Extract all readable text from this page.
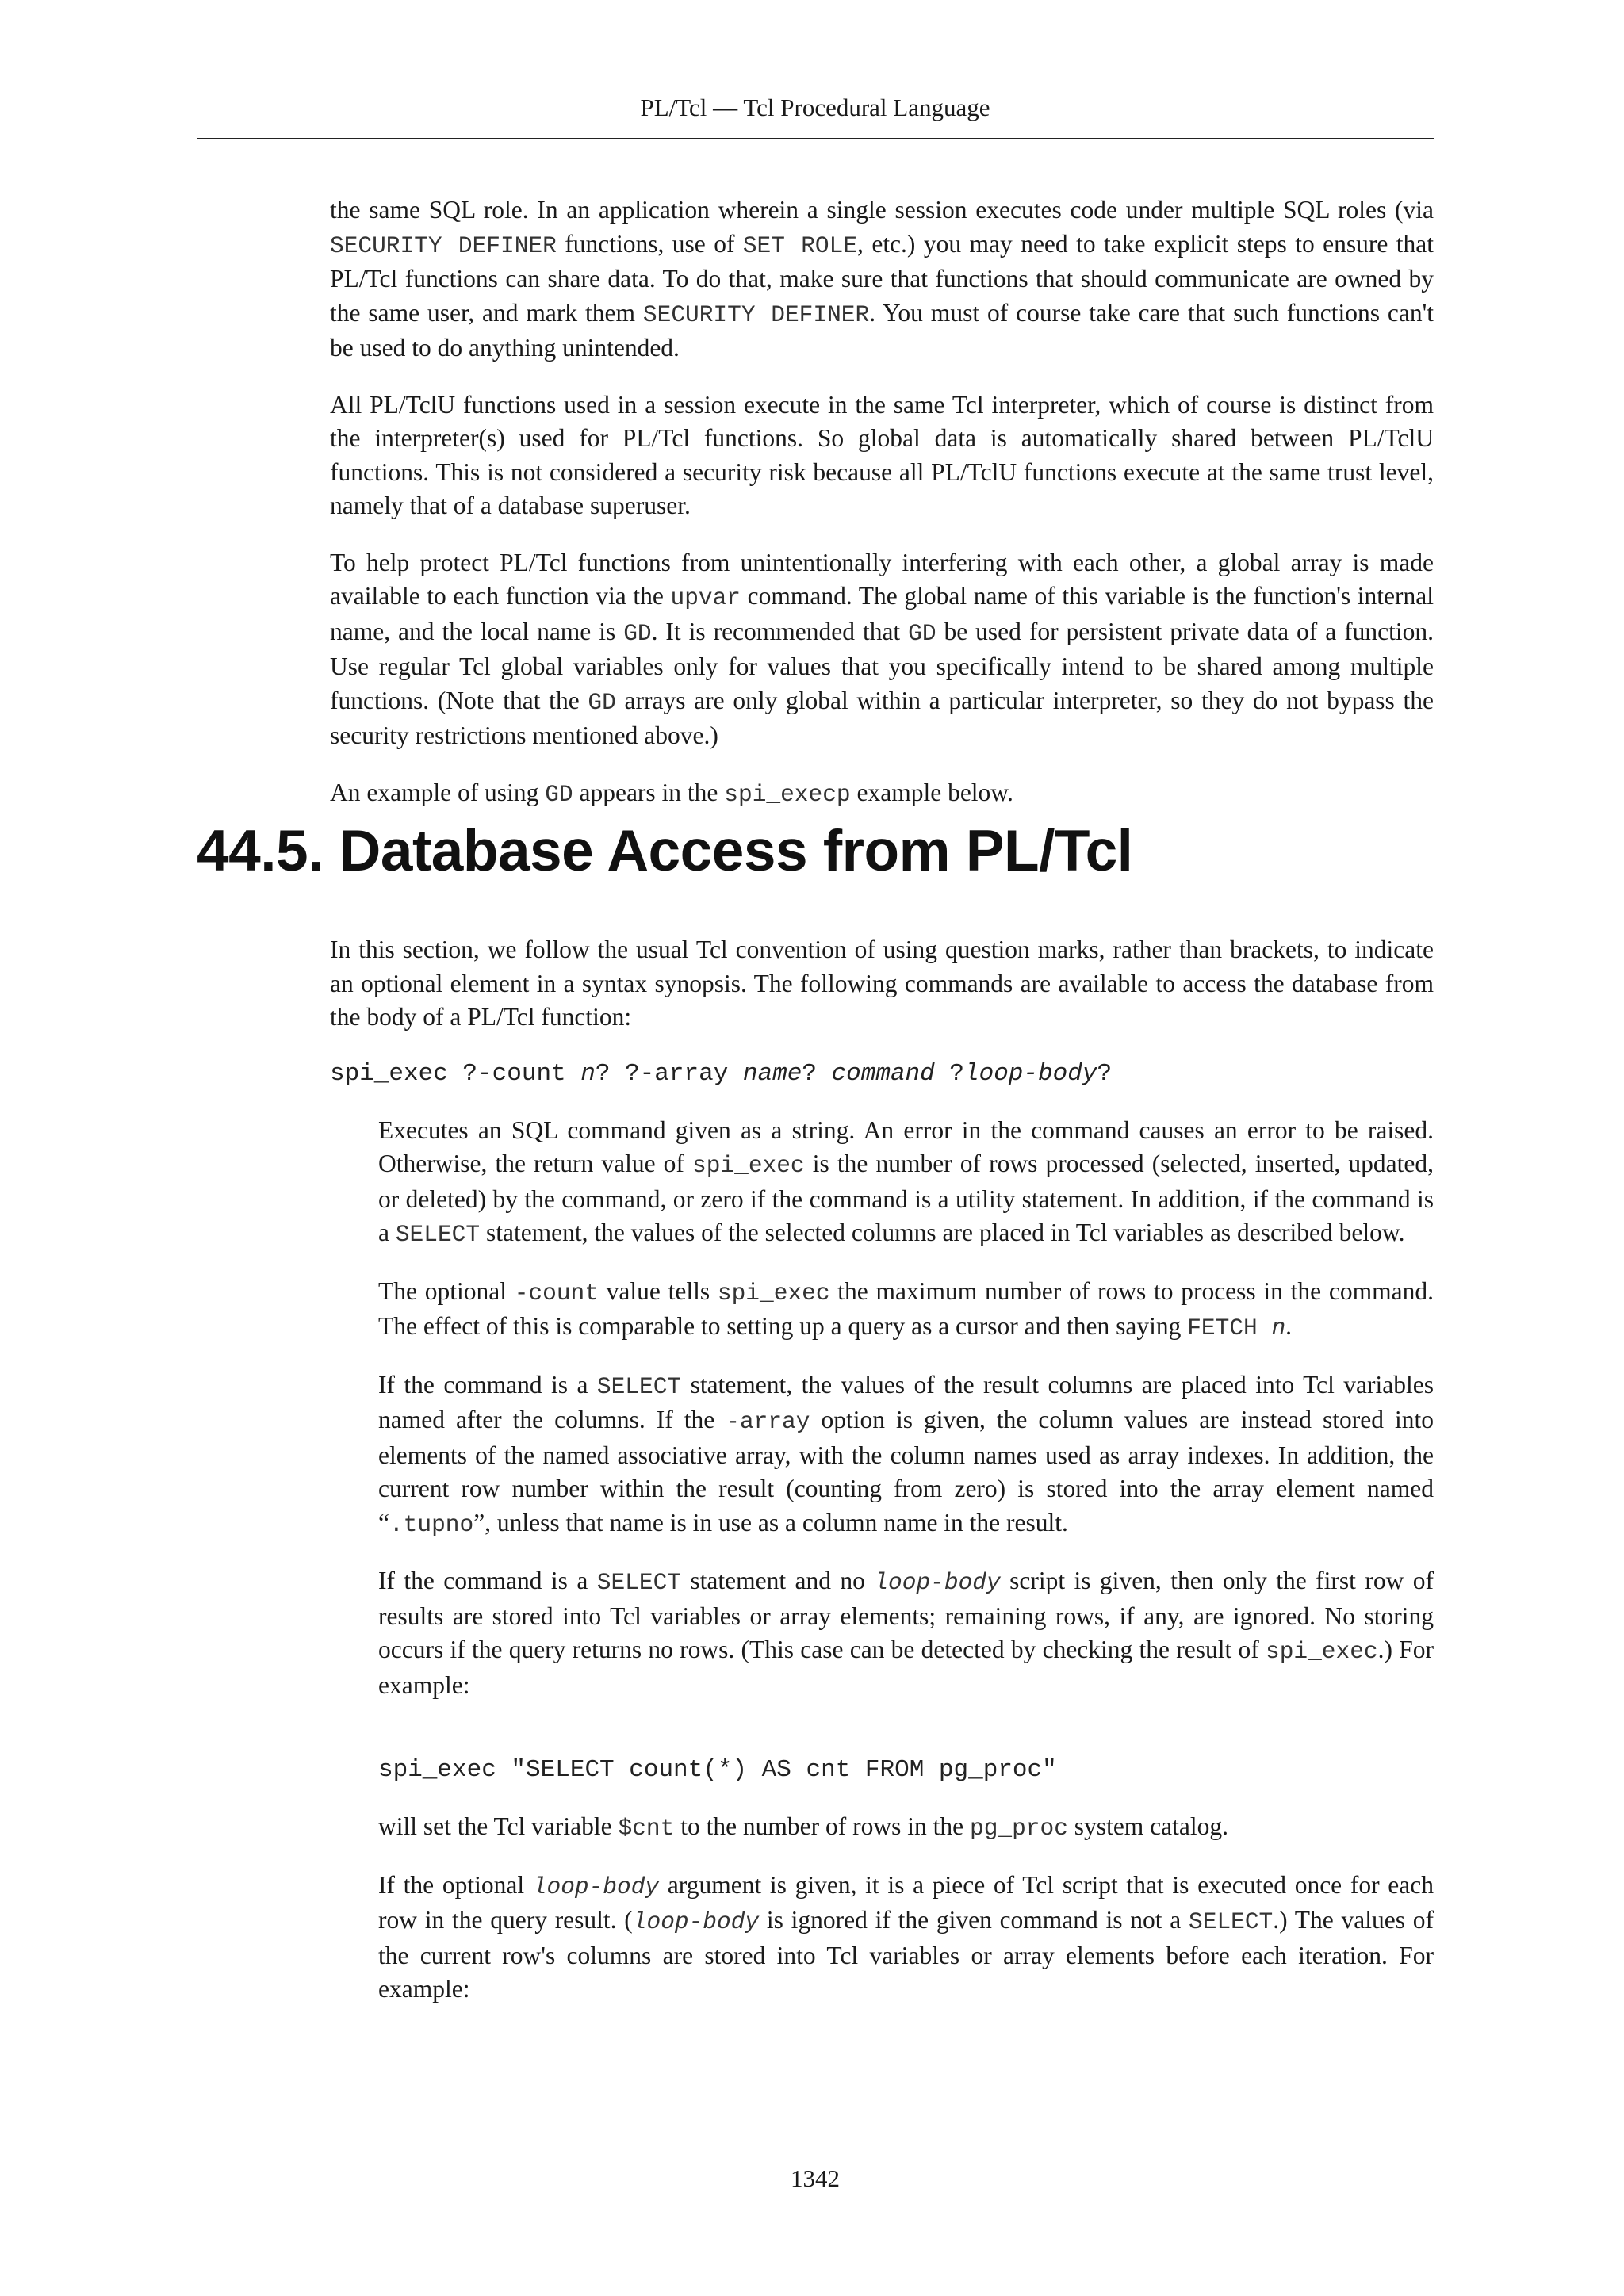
PL/Tcl — Tcl Procedural Language

the same SQL role. In an application wherein a single session executes code under multiple SQL roles (via SECURITY DEFINER functions, use of SET ROLE, etc.) you may need to take explicit steps to ensure that PL/Tcl functions can share data. To do that, make sure that functions that should communicate are owned by the same user, and mark them SECURITY DEFINER. You must of course take care that such functions can't be used to do anything unintended.

All PL/TclU functions used in a session execute in the same Tcl interpreter, which of course is distinct from the interpreter(s) used for PL/Tcl functions. So global data is automatically shared between PL/TclU functions. This is not considered a security risk because all PL/TclU functions execute at the same trust level, namely that of a database superuser.

To help protect PL/Tcl functions from unintentionally interfering with each other, a global array is made available to each function via the upvar command. The global name of this variable is the function's internal name, and the local name is GD. It is recommended that GD be used for persistent private data of a function. Use regular Tcl global variables only for values that you specifically intend to be shared among multiple functions. (Note that the GD arrays are only global within a particular interpreter, so they do not bypass the security restrictions mentioned above.)

An example of using GD appears in the spi_execp example below.

44.5. Database Access from PL/Tcl

In this section, we follow the usual Tcl convention of using question marks, rather than brackets, to indicate an optional element in a syntax synopsis. The following commands are available to access the database from the body of a PL/Tcl function:

spi_exec ?-count n? ?-array name? command ?loop-body?

Executes an SQL command given as a string. An error in the command causes an error to be raised. Otherwise, the return value of spi_exec is the number of rows processed (selected, inserted, updated, or deleted) by the command, or zero if the command is a utility statement. In addition, if the command is a SELECT statement, the values of the selected columns are placed in Tcl variables as described below.

The optional -count value tells spi_exec the maximum number of rows to process in the command. The effect of this is comparable to setting up a query as a cursor and then saying FETCH n.

If the command is a SELECT statement, the values of the result columns are placed into Tcl variables named after the columns. If the -array option is given, the column values are instead stored into elements of the named associative array, with the column names used as array indexes. In addition, the current row number within the result (counting from zero) is stored into the array element named “.tupno”, unless that name is in use as a column name in the result.

If the command is a SELECT statement and no loop-body script is given, then only the first row of results are stored into Tcl variables or array elements; remaining rows, if any, are ignored. No storing occurs if the query returns no rows. (This case can be detected by checking the result of spi_exec.) For example:

spi_exec "SELECT count(*) AS cnt FROM pg_proc"

will set the Tcl variable $cnt to the number of rows in the pg_proc system catalog.

If the optional loop-body argument is given, it is a piece of Tcl script that is executed once for each row in the query result. (loop-body is ignored if the given command is not a SELECT.) The values of the current row's columns are stored into Tcl variables or array elements before each iteration. For example:

1342
